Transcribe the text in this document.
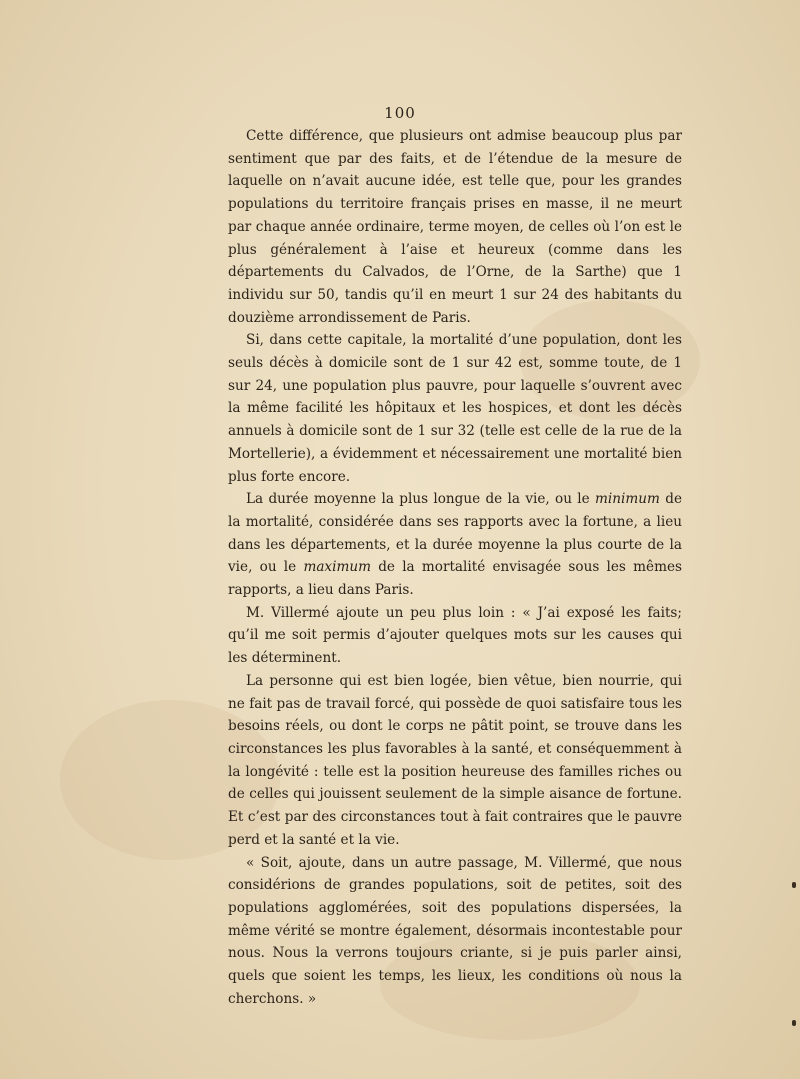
100

Cette différence, que plusieurs ont admise beaucoup plus par sentiment que par des faits, et de l’étendue de la mesure de laquelle on n’avait aucune idée, est telle que, pour les grandes populations du territoire français prises en masse, il ne meurt par chaque année ordinaire, terme moyen, de celles où l’on est le plus généralement à l’aise et heureux (comme dans les départements du Calvados, de l’Orne, de la Sarthe) que 1 individu sur 50, tandis qu’il en meurt 1 sur 24 des habitants du douzième arrondissement de Paris.

Si, dans cette capitale, la mortalité d’une population, dont les seuls décès à domicile sont de 1 sur 42 est, somme toute, de 1 sur 24, une population plus pauvre, pour laquelle s’ouvrent avec la même facilité les hôpitaux et les hospices, et dont les décès annuels à domicile sont de 1 sur 32 (telle est celle de la rue de la Mortellerie), a évidemment et nécessairement une mortalité bien plus forte encore.

La durée moyenne la plus longue de la vie, ou le minimum de la mortalité, considérée dans ses rapports avec la fortune, a lieu dans les départements, et la durée moyenne la plus courte de la vie, ou le maximum de la mortalité envisagée sous les mêmes rapports, a lieu dans Paris.

M. Villermé ajoute un peu plus loin : « J’ai exposé les faits; qu’il me soit permis d’ajouter quelques mots sur les causes qui les déterminent.

La personne qui est bien logée, bien vêtue, bien nourrie, qui ne fait pas de travail forcé, qui possède de quoi satisfaire tous les besoins réels, ou dont le corps ne pâtit point, se trouve dans les circonstances les plus favorables à la santé, et conséquemment à la longévité : telle est la position heureuse des familles riches ou de celles qui jouissent seulement de la simple aisance de fortune. Et c’est par des circonstances tout à fait contraires que le pauvre perd et la santé et la vie.

« Soit, ajoute, dans un autre passage, M. Villermé, que nous considérions de grandes populations, soit de petites, soit des populations agglomérées, soit des populations dispersées, la même vérité se montre également, désormais incontestable pour nous. Nous la verrons toujours criante, si je puis parler ainsi, quels que soient les temps, les lieux, les conditions où nous la cherchons. »
